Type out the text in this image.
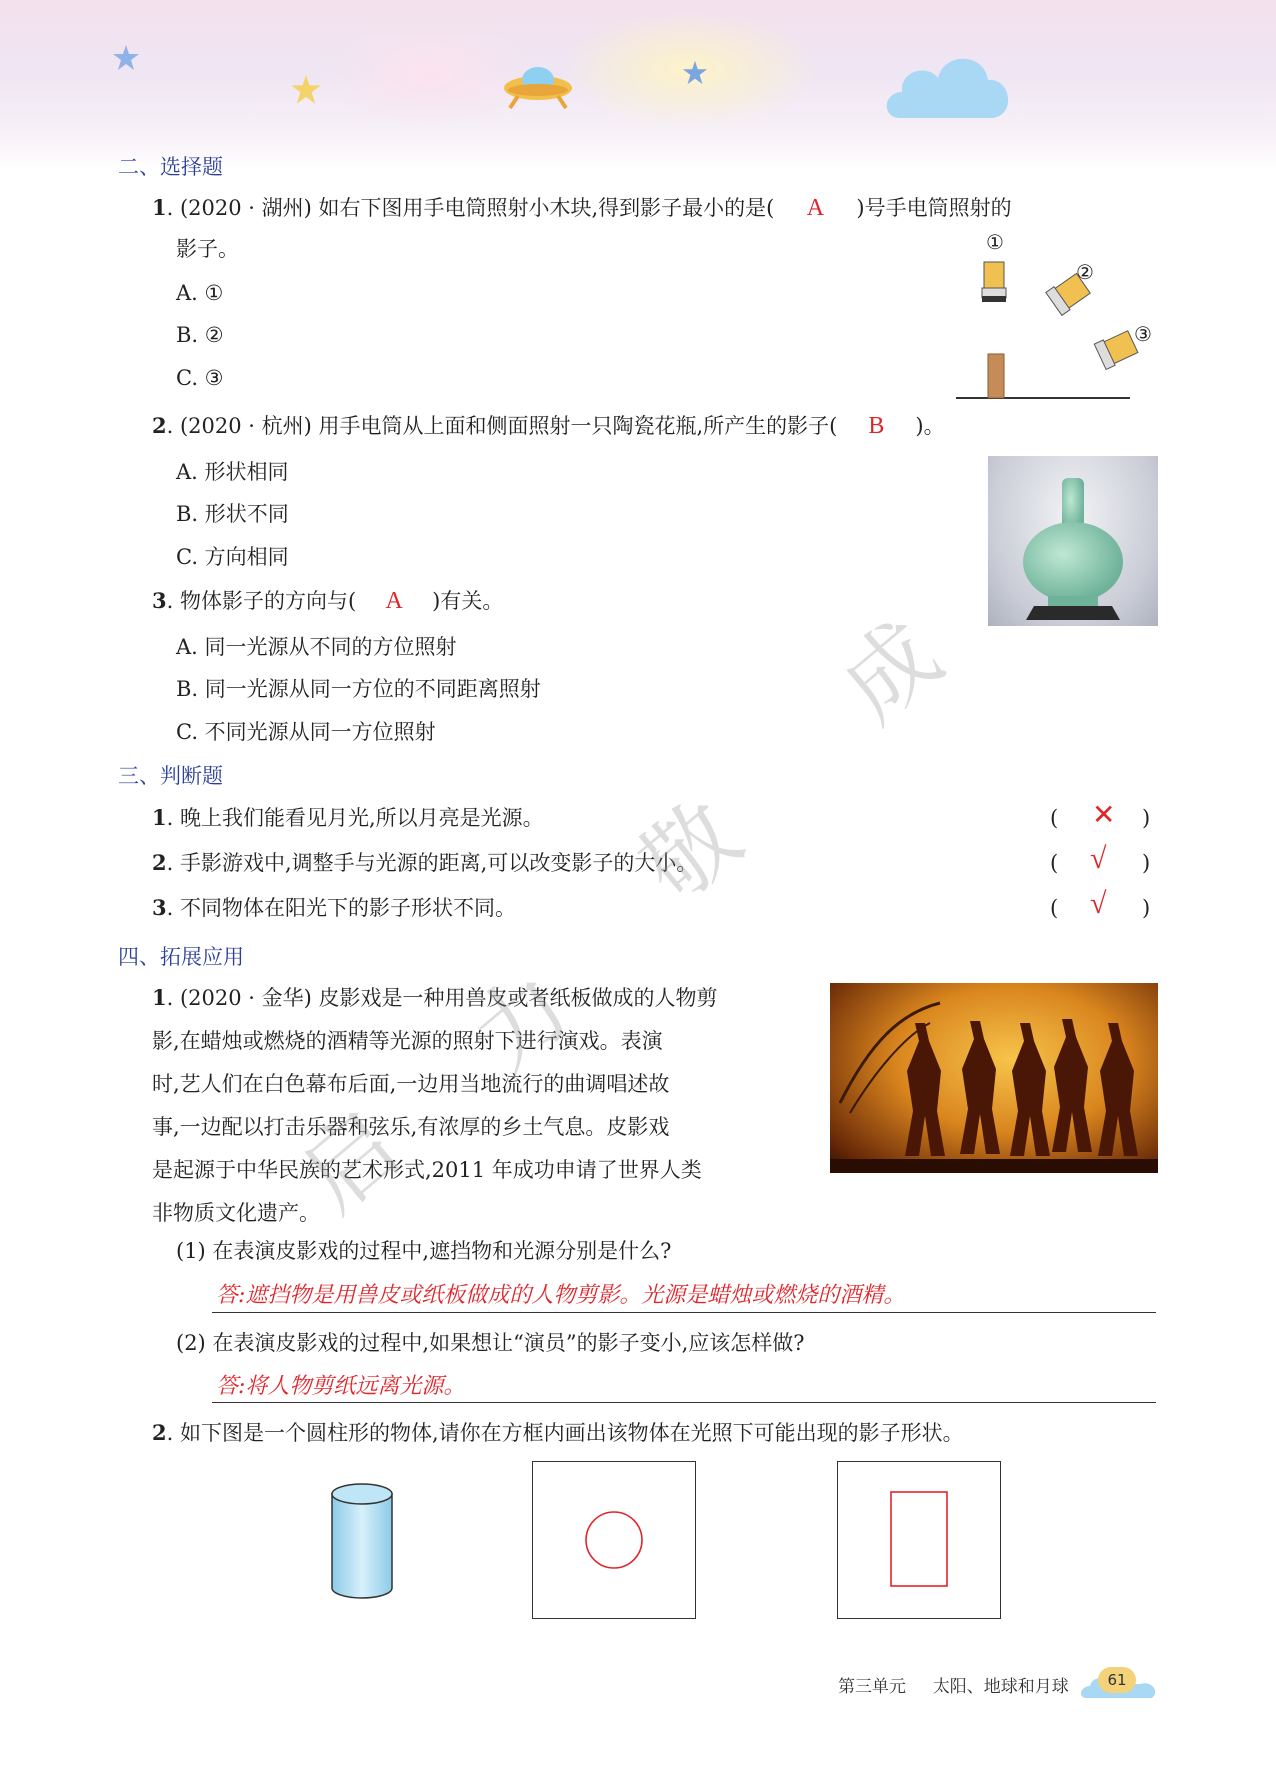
二、选择题
1. (2020 · 湖州) 如右下图用手电筒照射小木块,得到影子最小的是( A )号手电筒照射的
影子。
A. ①
B. ②
C. ③
①
②
③
2. (2020 · 杭州) 用手电筒从上面和侧面照射一只陶瓷花瓶,所产生的影子( B )。
A. 形状相同
B. 形状不同
C. 方向相同
3. 物体影子的方向与( A )有关。
A. 同一光源从不同的方位照射
B. 同一光源从同一方位的不同距离照射
C. 不同光源从同一方位照射
三、判断题
1. 晚上我们能看见月光,所以月亮是光源。	( ✕ )
2. 手影游戏中,调整手与光源的距离,可以改变影子的大小。	( √ )
3. 不同物体在阳光下的影子形状不同。	( √ )
四、拓展应用
1. (2020 · 金华) 皮影戏是一种用兽皮或者纸板做成的人物剪
影,在蜡烛或燃烧的酒精等光源的照射下进行演戏。表演
时,艺人们在白色幕布后面,一边用当地流行的曲调唱述故
事,一边配以打击乐器和弦乐,有浓厚的乡土气息。皮影戏
是起源于中华民族的艺术形式,2011 年成功申请了世界人类
非物质文化遗产。
(1) 在表演皮影戏的过程中,遮挡物和光源分别是什么?
答:遮挡物是用兽皮或纸板做成的人物剪影。光源是蜡烛或燃烧的酒精。
(2) 在表演皮影戏的过程中,如果想让“演员”的影子变小,应该怎样做?
答:将人物剪纸远离光源。
2. 如下图是一个圆柱形的物体,请你在方框内画出该物体在光照下可能出现的影子形状。
启
力
敬
成
第三单元 太阳、地球和月球	61
